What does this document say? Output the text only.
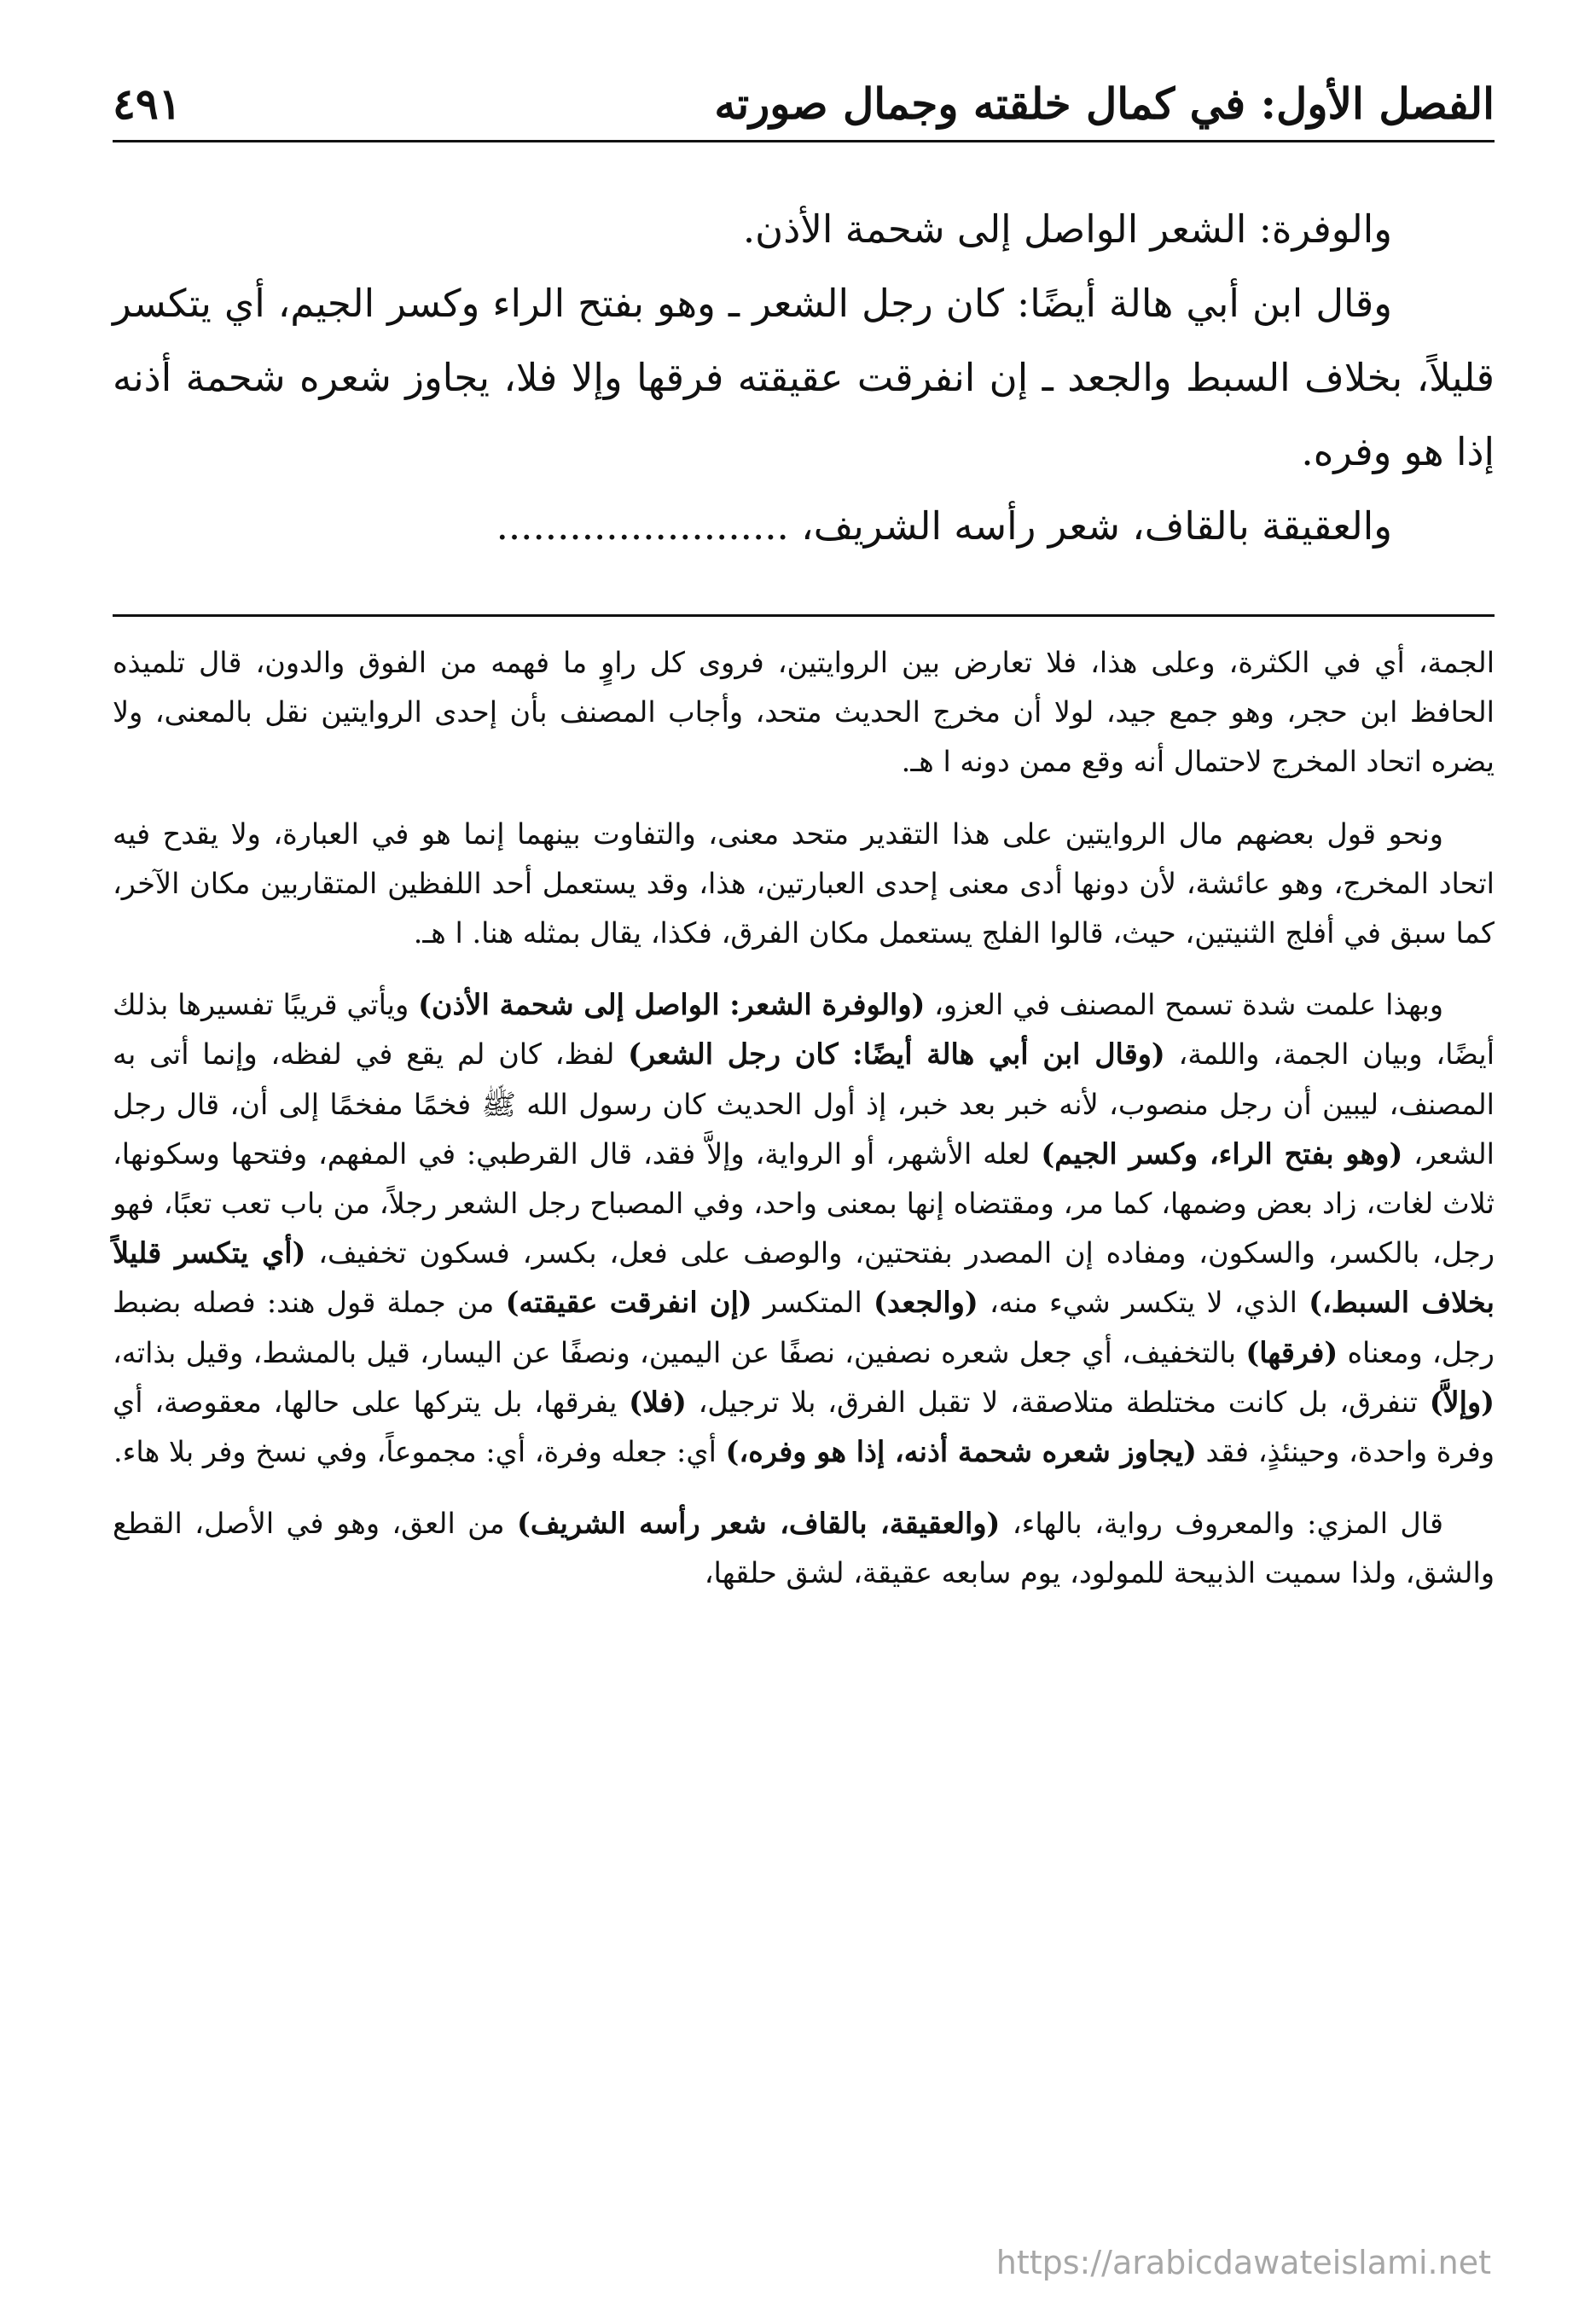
الفصل الأول: في كمال خلقته وجمال صورته
٤٩١

والوفرة: الشعر الواصل إلى شحمة الأذن.

وقال ابن أبي هالة أيضًا: كان رجل الشعر ـ وهو بفتح الراء وكسر الجيم، أي يتكسر قليلاً، بخلاف السبط والجعد ـ إن انفرقت عقيقته فرقها وإلا فلا، يجاوز شعره شحمة أذنه إذا هو وفره.

والعقيقة بالقاف، شعر رأسه الشريف، ........................

الجمة، أي في الكثرة، وعلى هذا، فلا تعارض بين الروايتين، فروى كل راوٍ ما فهمه من الفوق والدون، قال تلميذه الحافظ ابن حجر، وهو جمع جيد، لولا أن مخرج الحديث متحد، وأجاب المصنف بأن إحدى الروايتين نقل بالمعنى، ولا يضره اتحاد المخرج لاحتمال أنه وقع ممن دونه ا هـ.

ونحو قول بعضهم مال الروايتين على هذا التقدير متحد معنى، والتفاوت بينهما إنما هو في العبارة، ولا يقدح فيه اتحاد المخرج، وهو عائشة، لأن دونها أدى معنى إحدى العبارتين، هذا، وقد يستعمل أحد اللفظين المتقاربين مكان الآخر، كما سبق في أفلج الثنيتين، حيث، قالوا الفلج يستعمل مكان الفرق، فكذا، يقال بمثله هنا. ا هـ.

وبهذا علمت شدة تسمح المصنف في العزو، (والوفرة الشعر: الواصل إلى شحمة الأذن) ويأتي قريبًا تفسيرها بذلك أيضًا، وبيان الجمة، واللمة، (وقال ابن أبي هالة أيضًا: كان رجل الشعر) لفظ، كان لم يقع في لفظه، وإنما أتى به المصنف، ليبين أن رجل منصوب، لأنه خبر بعد خبر، إذ أول الحديث كان رسول الله ﷺ فخمًا مفخمًا إلى أن، قال رجل الشعر، (وهو بفتح الراء، وكسر الجيم) لعله الأشهر، أو الرواية، وإلاَّ فقد، قال القرطبي: في المفهم، وفتحها وسكونها، ثلاث لغات، زاد بعض وضمها، كما مر، ومقتضاه إنها بمعنى واحد، وفي المصباح رجل الشعر رجلاً، من باب تعب تعبًا، فهو رجل، بالكسر، والسكون، ومفاده إن المصدر بفتحتين، والوصف على فعل، بكسر، فسكون تخفيف، (أي يتكسر قليلاً بخلاف السبط،) الذي، لا يتكسر شيء منه، (والجعد) المتكسر (إن انفرقت عقيقته) من جملة قول هند: فصله بضبط رجل، ومعناه (فرقها) بالتخفيف، أي جعل شعره نصفين، نصفًا عن اليمين، ونصفًا عن اليسار، قيل بالمشط، وقيل بذاته، (وإلاَّ) تنفرق، بل كانت مختلطة متلاصقة، لا تقبل الفرق، بلا ترجيل، (فلا) يفرقها، بل يتركها على حالها، معقوصة، أي وفرة واحدة، وحينئذٍ، فقد (يجاوز شعره شحمة أذنه، إذا هو وفره،) أي: جعله وفرة، أي: مجموعاً، وفي نسخ وفر بلا هاء.

قال المزي: والمعروف رواية، بالهاء، (والعقيقة، بالقاف، شعر رأسه الشريف) من العق، وهو في الأصل، القطع والشق، ولذا سميت الذبيحة للمولود، يوم سابعه عقيقة، لشق حلقها،

https://arabicdawateislami.net
